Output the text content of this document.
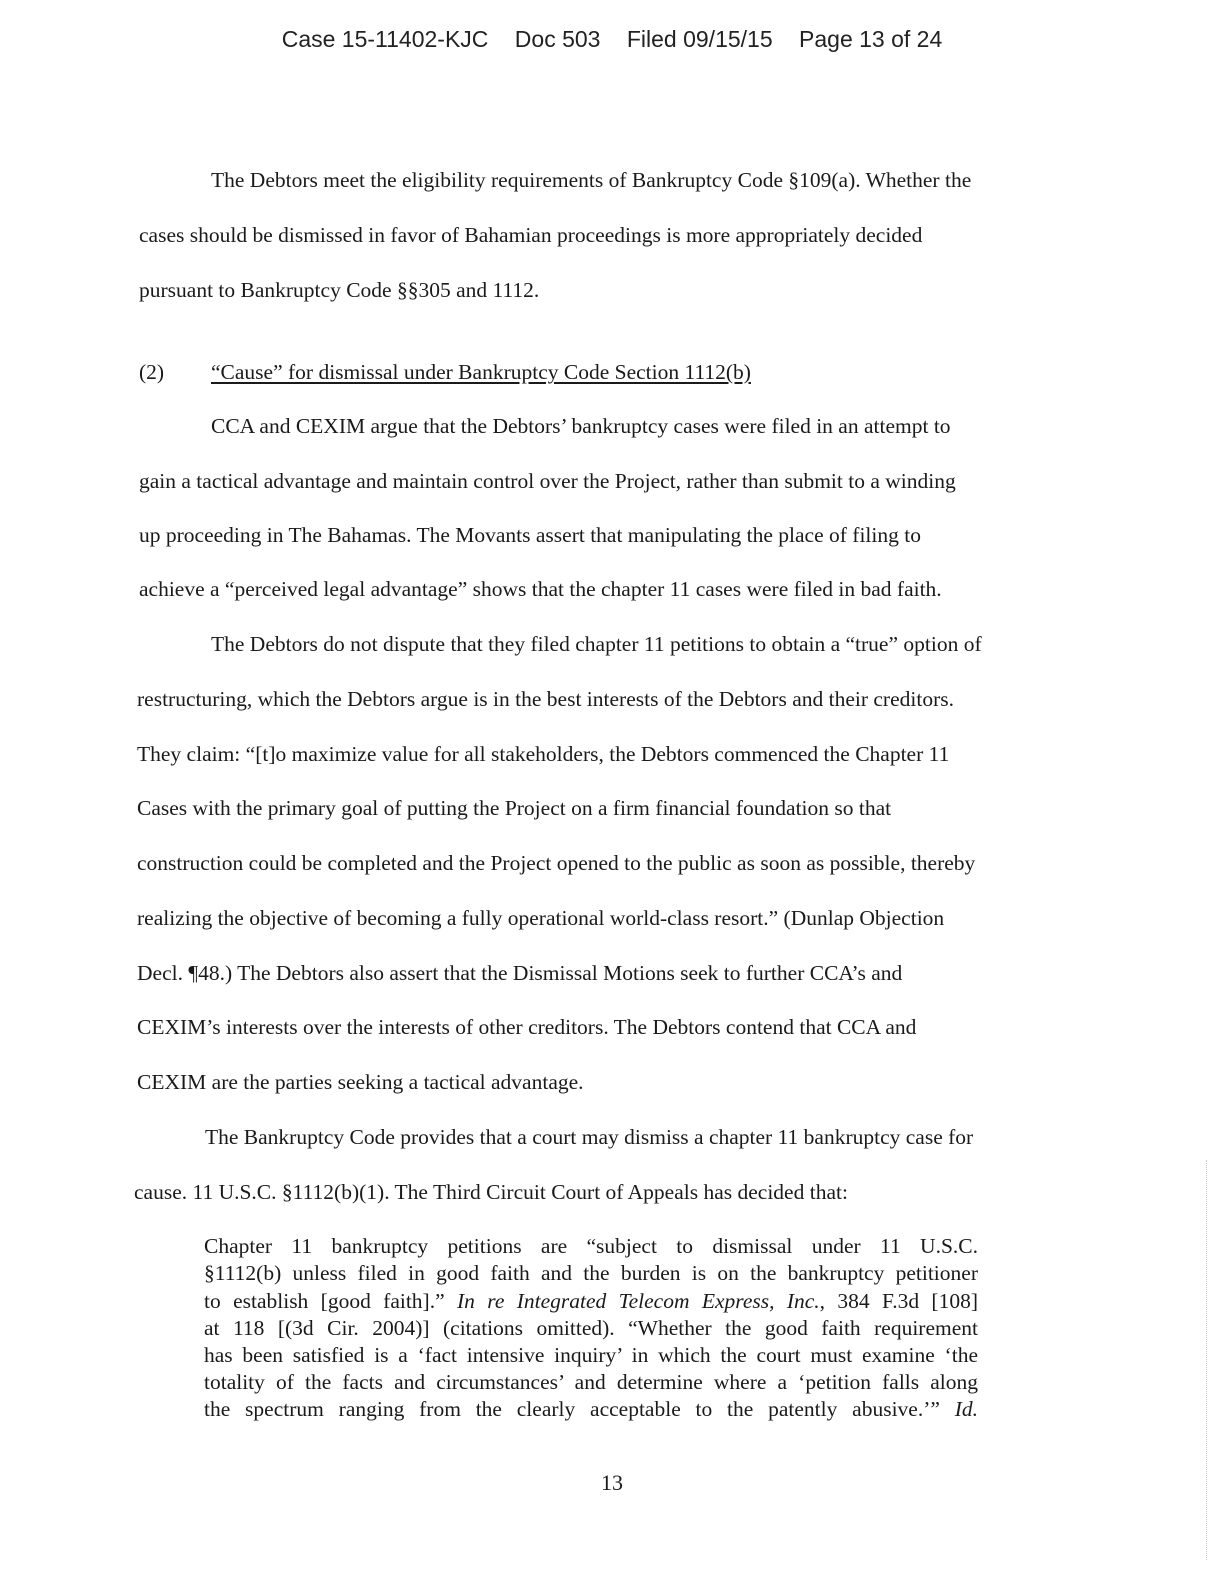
Case 15-11402-KJC Doc 503 Filed 09/15/15 Page 13 of 24
The Debtors meet the eligibility requirements of Bankruptcy Code §109(a). Whether the
cases should be dismissed in favor of Bahamian proceedings is more appropriately decided
pursuant to Bankruptcy Code §§305 and 1112.
(2) “Cause” for dismissal under Bankruptcy Code Section 1112(b)
CCA and CEXIM argue that the Debtors’ bankruptcy cases were filed in an attempt to
gain a tactical advantage and maintain control over the Project, rather than submit to a winding
up proceeding in The Bahamas. The Movants assert that manipulating the place of filing to
achieve a “perceived legal advantage” shows that the chapter 11 cases were filed in bad faith.
The Debtors do not dispute that they filed chapter 11 petitions to obtain a “true” option of
restructuring, which the Debtors argue is in the best interests of the Debtors and their creditors.
They claim: “[t]o maximize value for all stakeholders, the Debtors commenced the Chapter 11
Cases with the primary goal of putting the Project on a firm financial foundation so that
construction could be completed and the Project opened to the public as soon as possible, thereby
realizing the objective of becoming a fully operational world-class resort.” (Dunlap Objection
Decl. ¶48.) The Debtors also assert that the Dismissal Motions seek to further CCA’s and
CEXIM’s interests over the interests of other creditors. The Debtors contend that CCA and
CEXIM are the parties seeking a tactical advantage.
The Bankruptcy Code provides that a court may dismiss a chapter 11 bankruptcy case for
cause. 11 U.S.C. §1112(b)(1). The Third Circuit Court of Appeals has decided that:
Chapter 11 bankruptcy petitions are “subject to dismissal under 11 U.S.C.
§1112(b) unless filed in good faith and the burden is on the bankruptcy petitioner
to establish [good faith].” In re Integrated Telecom Express, Inc., 384 F.3d [108]
at 118 [(3d Cir. 2004)] (citations omitted). “Whether the good faith requirement
has been satisfied is a ‘fact intensive inquiry’ in which the court must examine ‘the
totality of the facts and circumstances’ and determine where a ‘petition falls along
the spectrum ranging from the clearly acceptable to the patently abusive.’” Id.
13
